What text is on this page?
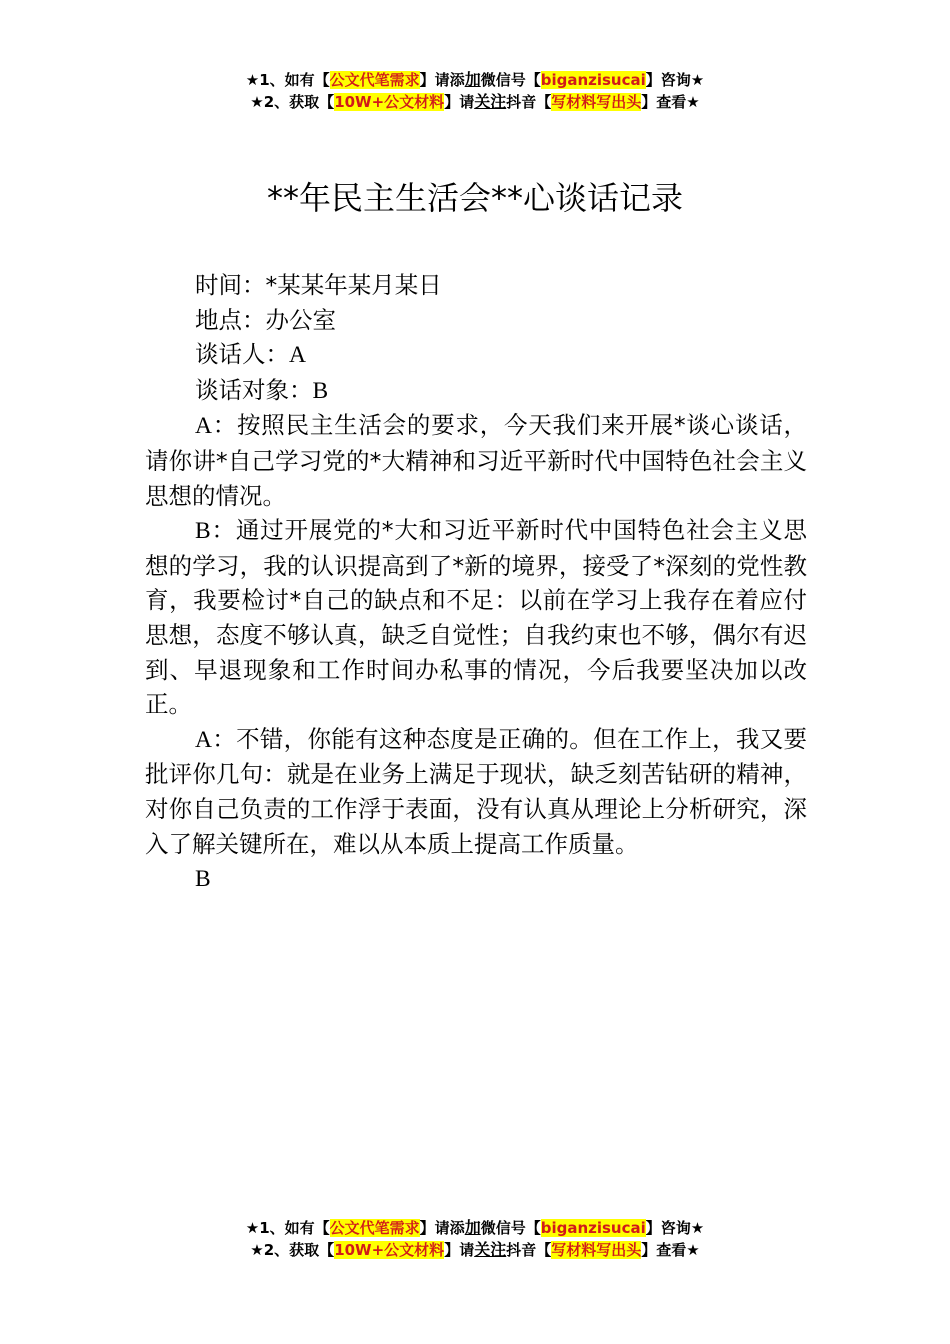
★1、如有【公文代笔需求】请添加微信号【biganzisucai】咨询★
★2、获取【10W+公文材料】请关注抖音【写材料写出头】查看★
**年民主生活会**心谈话记录

时间：*某某年某月某日

地点：办公室

谈话人：A

谈话对象：B

A：按照民主生活会的要求，今天我们来开展*谈心谈话，请你讲*自己学习党的*大精神和习近平新时代中国特色社会主义思想的情况。

B：通过开展党的*大和习近平新时代中国特色社会主义思想的学习，我的认识提高到了*新的境界，接受了*深刻的党性教育，我要检讨*自己的缺点和不足：以前在学习上我存在着应付思想，态度不够认真，缺乏自觉性；自我约束也不够，偶尔有迟到、早退现象和工作时间办私事的情况，今后我要坚决加以改正。

A：不错，你能有这种态度是正确的。但在工作上，我又要批评你几句：就是在业务上满足于现状，缺乏刻苦钻研的精神，对你自己负责的工作浮于表面，没有认真从理论上分析研究，深入了解关键所在，难以从本质上提高工作质量。

B

★1、如有【公文代笔需求】请添加微信号【biganzisucai】咨询★
★2、获取【10W+公文材料】请关注抖音【写材料写出头】查看★
